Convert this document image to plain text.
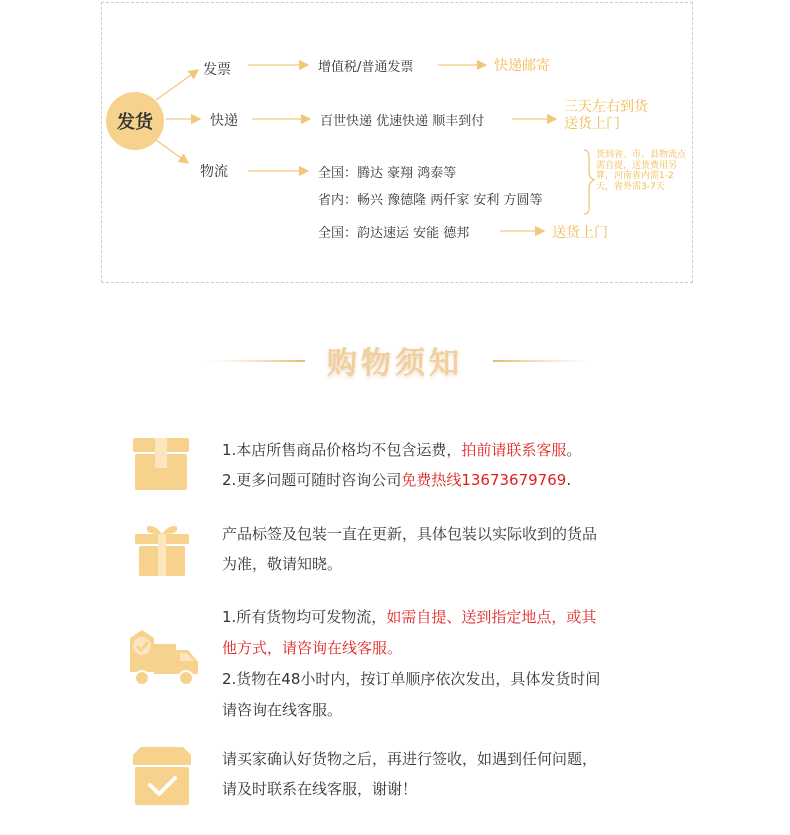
发货
发票
快递
物流
增值税/普通发票	快递邮寄
百世快递 优速快递 顺丰到付
三天左右到货
送货上门
全国：腾达 豪翔 鸿泰等
省内：畅兴 豫德隆 两仟家 安利 方圆等
全国：韵达速运 安能 德邦
货到省、市、县物流点需自提，送货费用另算，河南省内需1-2天，省外需3-7天
送货上门
购物须知
1.本店所售商品价格均不包含运费，拍前请联系客服。
2.更多问题可随时咨询公司免费热线13673679769.
产品标签及包装一直在更新，具体包装以实际收到的货品
为准，敬请知晓。
1.所有货物均可发物流，如需自提、送到指定地点，或其
他方式，请咨询在线客服。
2.货物在48小时内，按订单顺序依次发出，具体发货时间
请咨询在线客服。
请买家确认好货物之后，再进行签收，如遇到任何问题，
请及时联系在线客服，谢谢！
